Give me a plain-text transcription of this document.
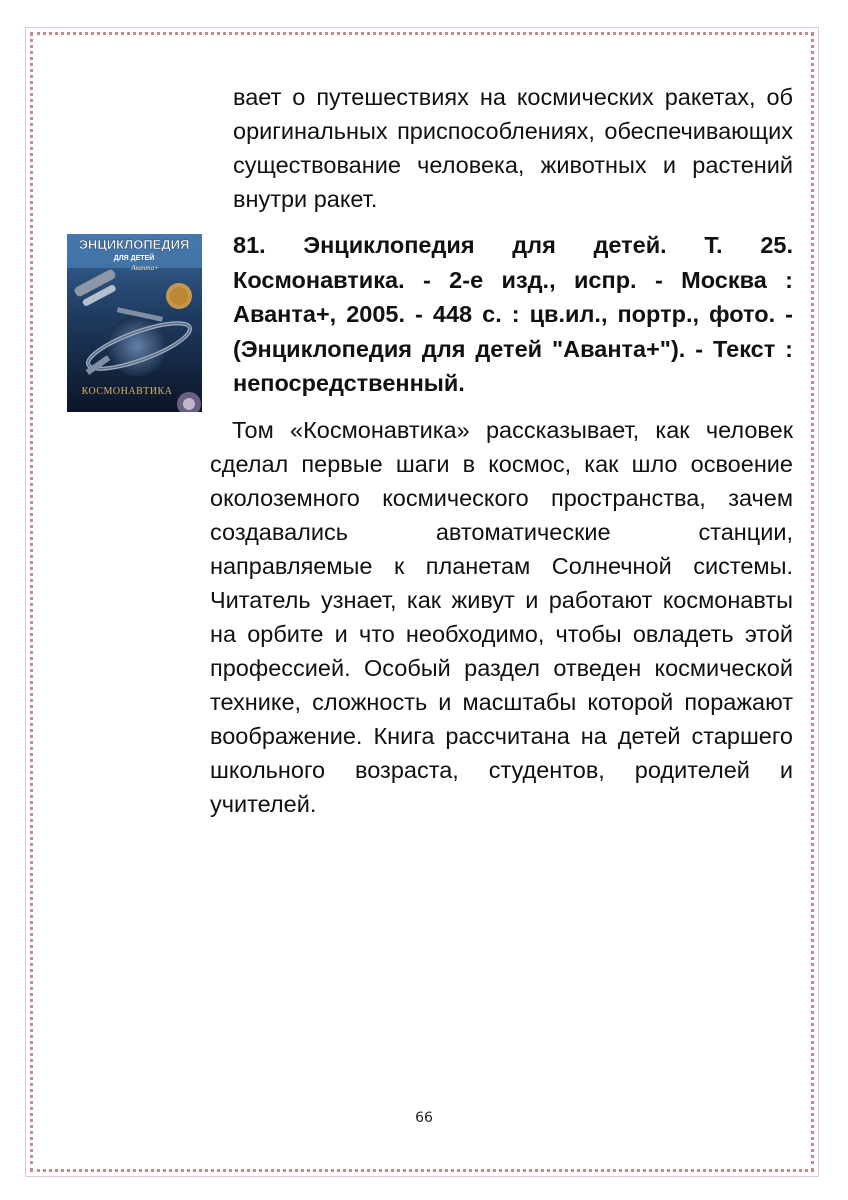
вает о путешествиях на космических ракетах, об оригинальных приспособлениях, обеспечивающих существование человека, животных и растений внутри ракет.

ЭНЦИКЛОПЕДИЯ
ДЛЯ ДЕТЕЙ
Аванта+
КОСМОНАВТИКА

81. Энциклопедия для детей. Т. 25. Космонавтика. - 2-е изд., испр. - Москва : Аванта+, 2005. - 448 с. : цв.ил., портр., фото. - (Энциклопедия для детей "Аванта+"). - Текст : непосредственный.

Том «Космонавтика» рассказывает, как человек сделал первые шаги в космос, как шло освоение околоземного космического пространства, зачем создавались автоматические станции, направляемые к планетам Солнечной системы. Читатель узнает, как живут и работают космонавты на орбите и что необходимо, чтобы овладеть этой профессией. Особый раздел отведен космической технике, сложность и масштабы которой поражают воображение. Книга рассчитана на детей старшего школьного возраста, студентов, родителей и учителей.

66
